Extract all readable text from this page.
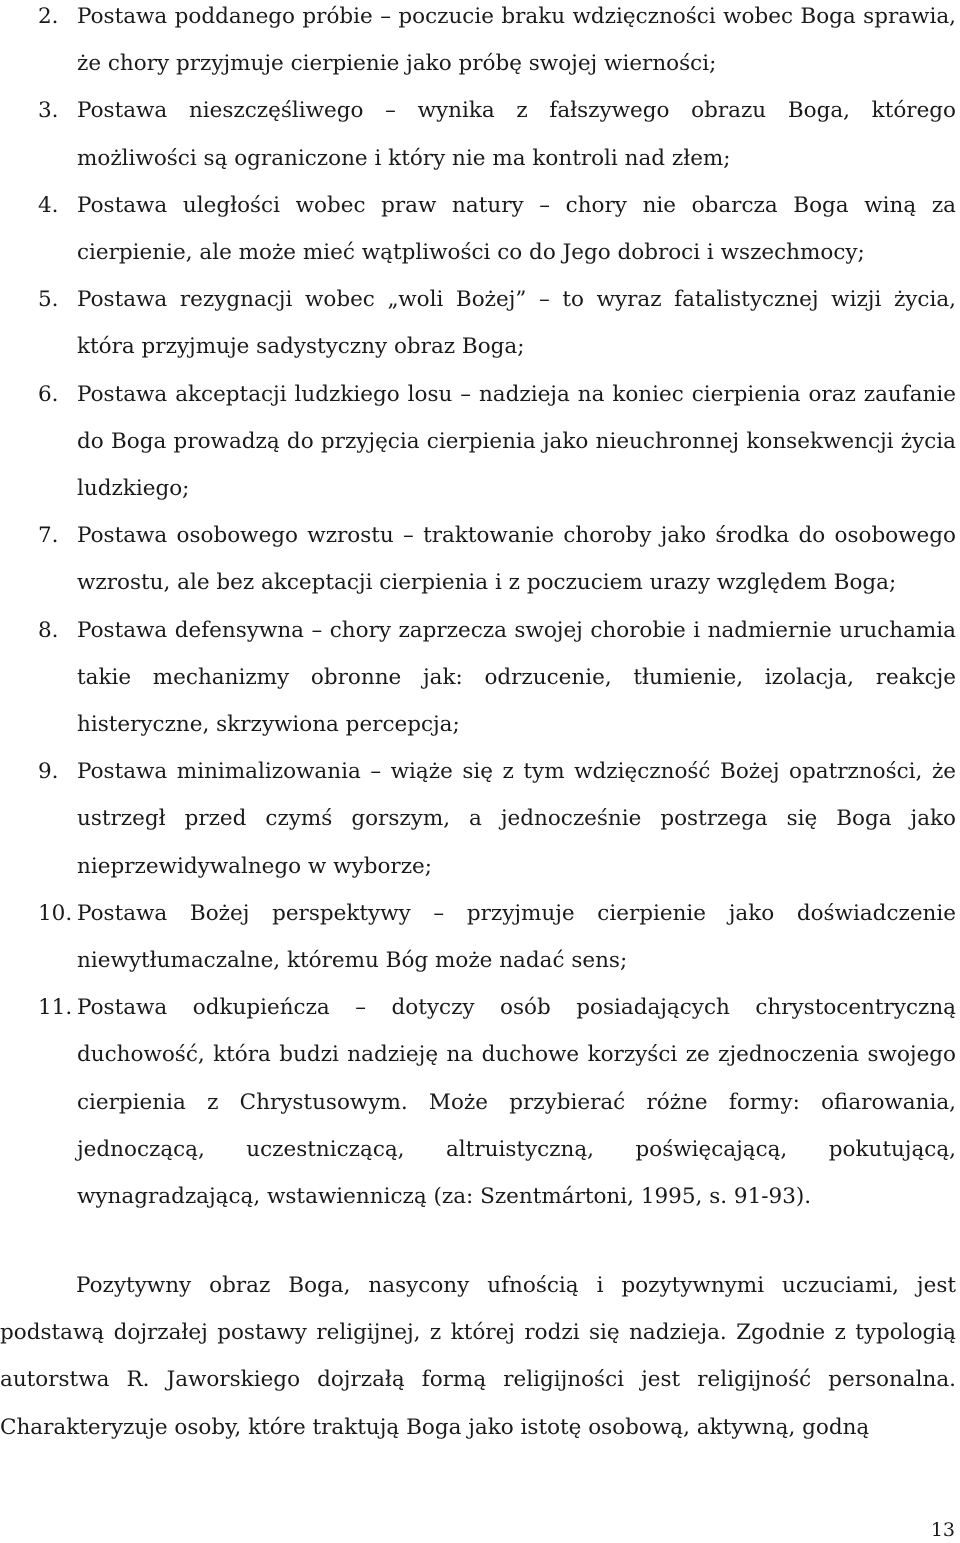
2. Postawa poddanego próbie – poczucie braku wdzięczności wobec Boga sprawia, że chory przyjmuje cierpienie jako próbę swojej wierności;
3. Postawa nieszczęśliwego – wynika z fałszywego obrazu Boga, którego możliwości są ograniczone i który nie ma kontroli nad złem;
4. Postawa uległości wobec praw natury – chory nie obarcza Boga winą za cierpienie, ale może mieć wątpliwości co do Jego dobroci i wszechmocy;
5. Postawa rezygnacji wobec „woli Bożej” – to wyraz fatalistycznej wizji życia, która przyjmuje sadystyczny obraz Boga;
6. Postawa akceptacji ludzkiego losu – nadzieja na koniec cierpienia oraz zaufanie do Boga prowadzą do przyjęcia cierpienia jako nieuchronnej konsekwencji życia ludzkiego;
7. Postawa osobowego wzrostu – traktowanie choroby jako środka do osobowego wzrostu, ale bez akceptacji cierpienia i z poczuciem urazy względem Boga;
8. Postawa defensywna – chory zaprzecza swojej chorobie i nadmiernie uruchamia takie mechanizmy obronne jak: odrzucenie, tłumienie, izolacja, reakcje histeryczne, skrzywiona percepcja;
9. Postawa minimalizowania – wiąże się z tym wdzięczność Bożej opatrzności, że ustrzegł przed czymś gorszym, a jednocześnie postrzega się Boga jako nieprzewidywalnego w wyborze;
10. Postawa Bożej perspektywy – przyjmuje cierpienie jako doświadczenie niewytłumaczalne, któremu Bóg może nadać sens;
11. Postawa odkupieńcza – dotyczy osób posiadających chrystocentryczną duchowość, która budzi nadzieję na duchowe korzyści ze zjednoczenia swojego cierpienia z Chrystusowym. Może przybierać różne formy: ofiarowania, jednoczącą, uczestniczącą, altruistyczną, poświęcającą, pokutującą, wynagradzającą, wstawienniczą (za: Szentmártoni, 1995, s. 91-93).

Pozytywny obraz Boga, nasycony ufnością i pozytywnymi uczuciami, jest podstawą dojrzałej postawy religijnej, z której rodzi się nadzieja. Zgodnie z typologią autorstwa R. Jaworskiego dojrzałą formą religijności jest religijność personalna. Charakteryzuje osoby, które traktują Boga jako istotę osobową, aktywną, godną

13
